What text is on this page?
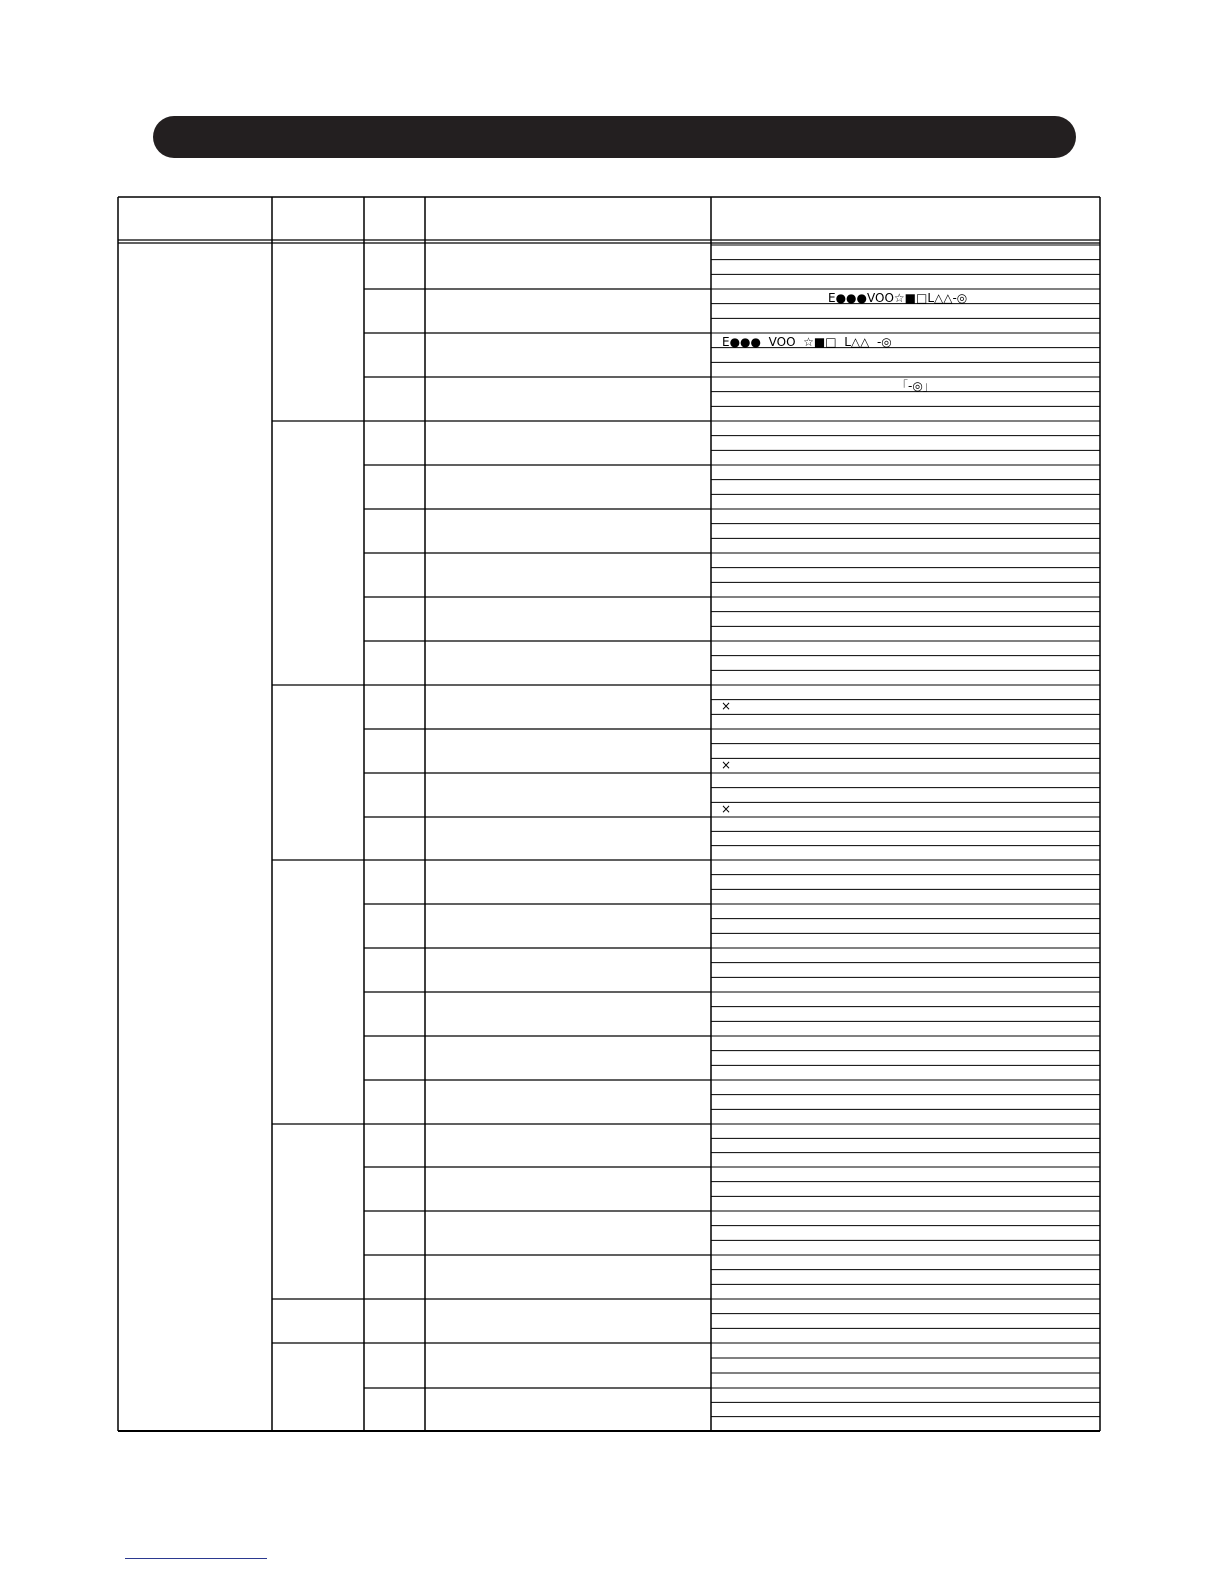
E●●●VOO☆■□L△△-◎
E●●●  VOO  ☆■□  L△△  -◎
「-◎」
×
×
×
